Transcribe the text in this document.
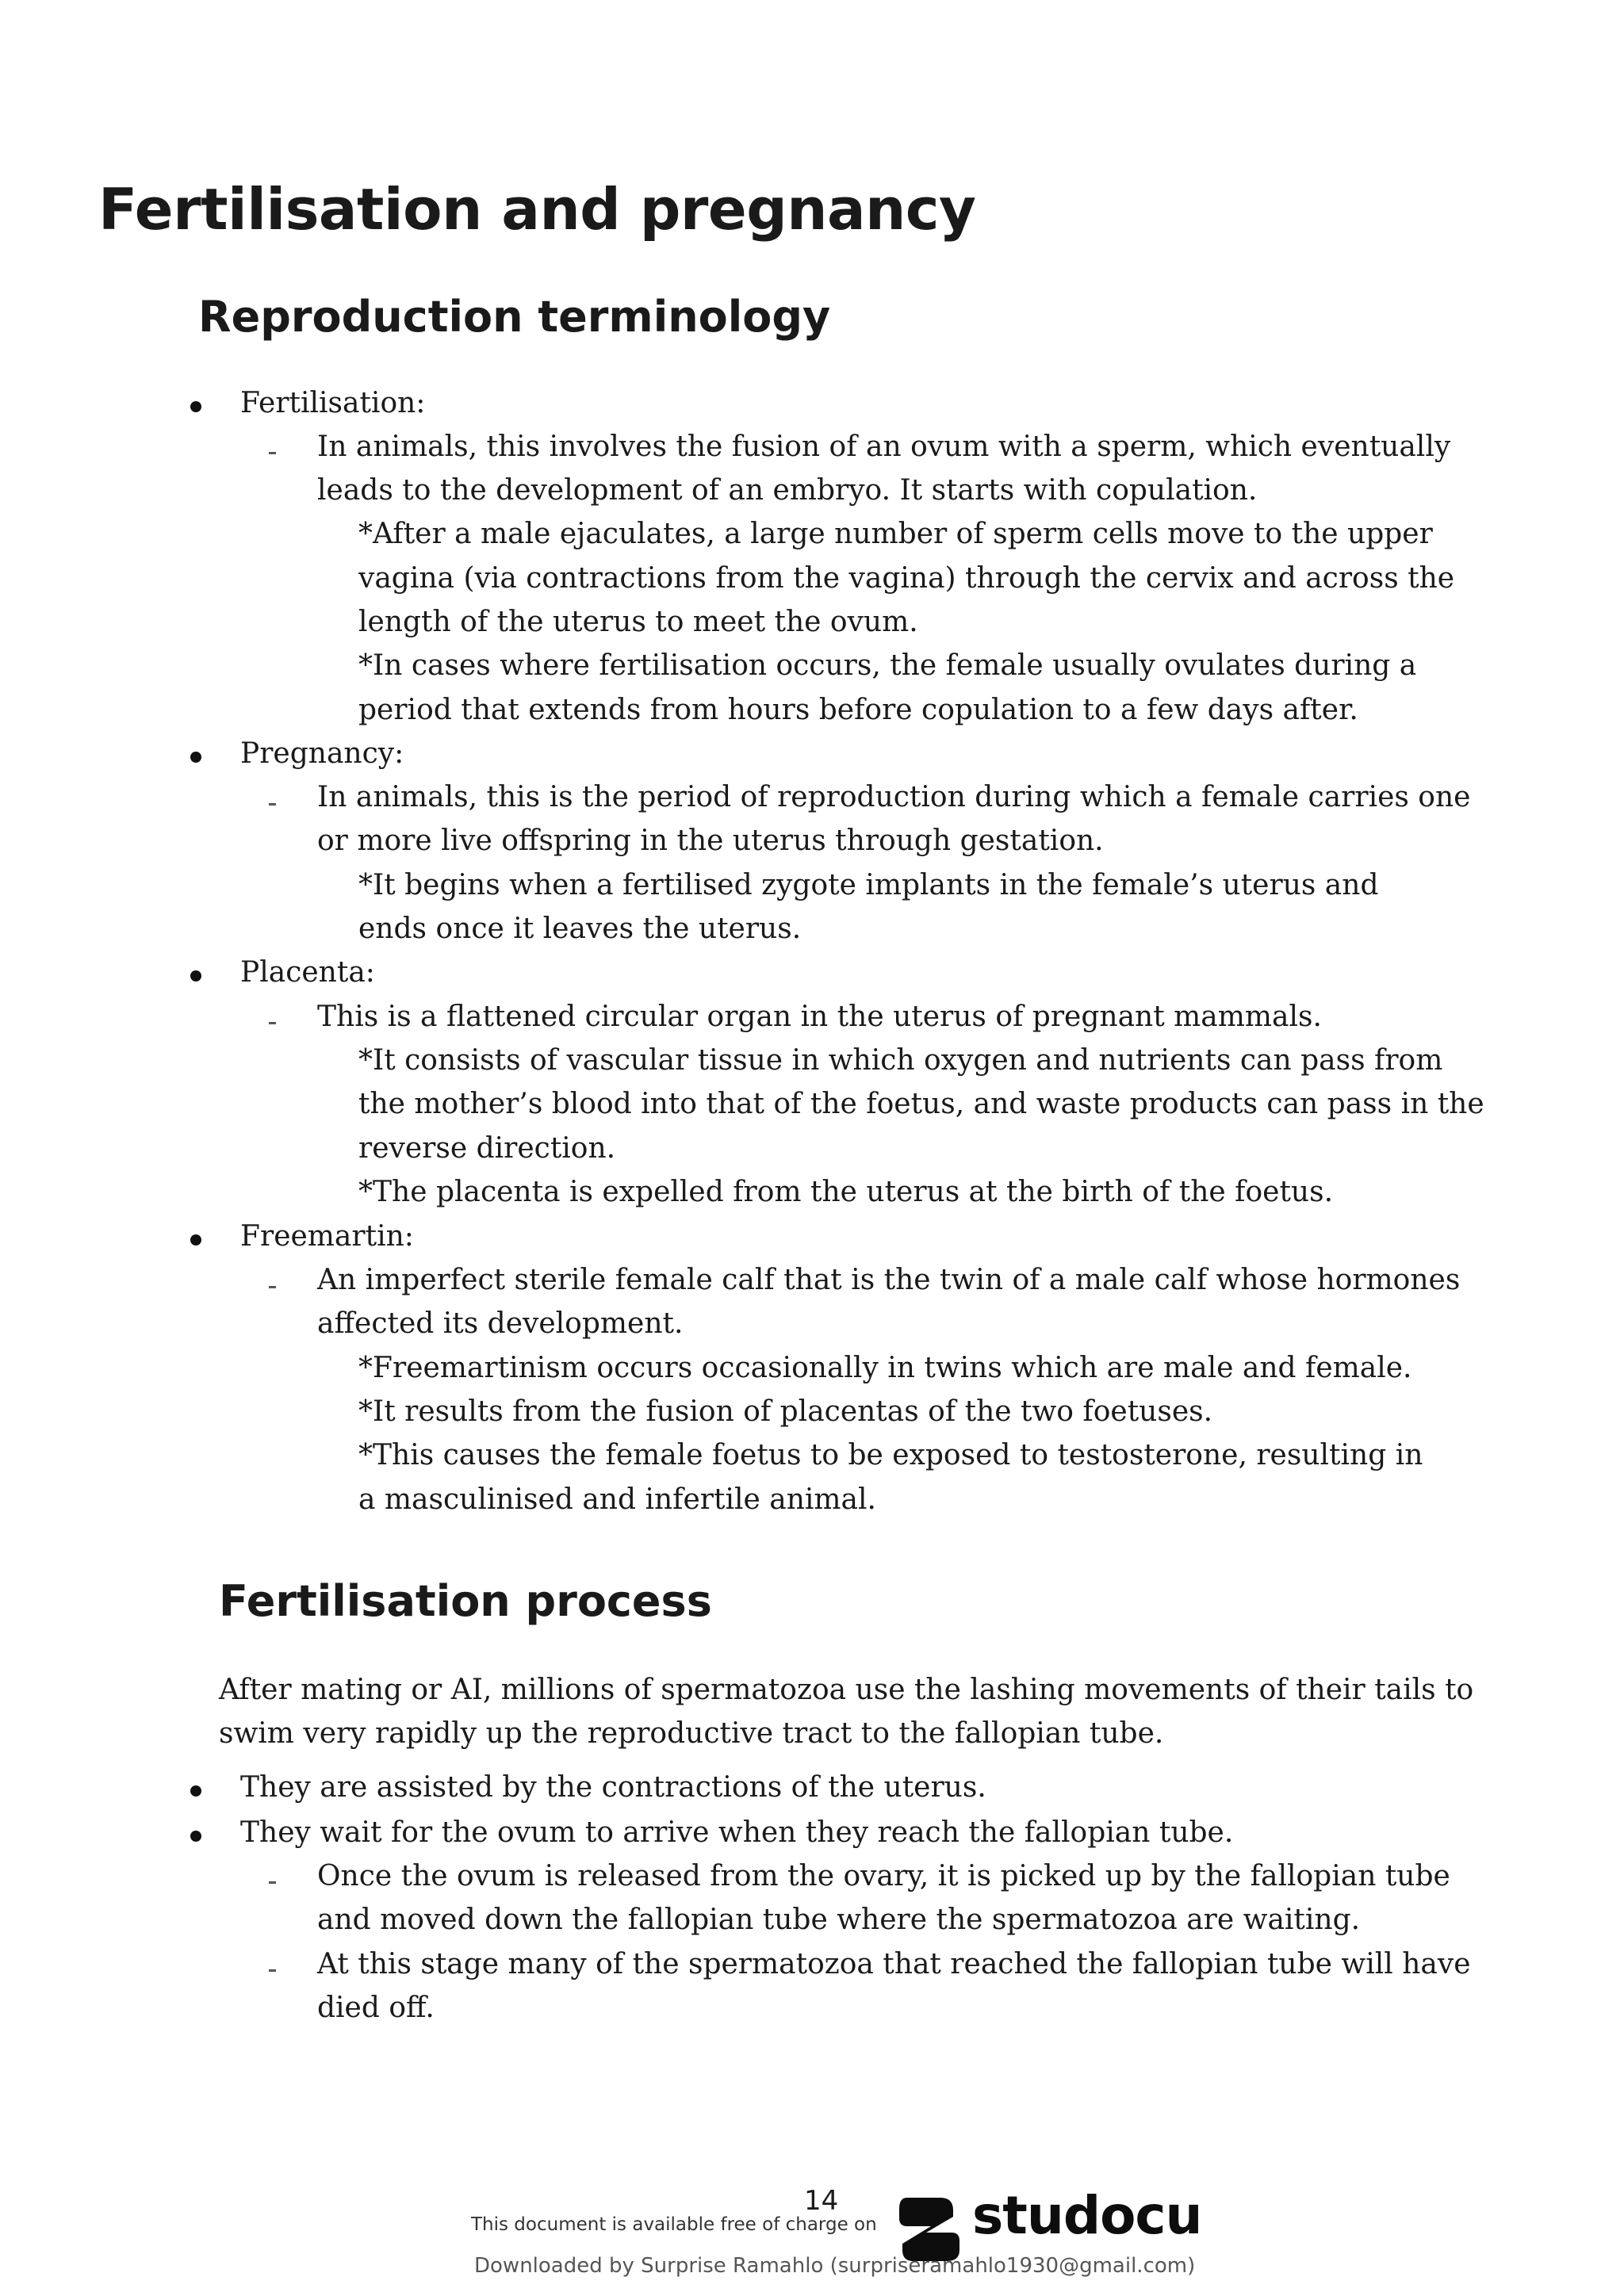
Fertilisation and pregnancy
Reproduction terminology

Fertilisation:

In animals, this involves the fusion of an ovum with a sperm, which eventually

leads to the development of an embryo. It starts with copulation.

*After a male ejaculates, a large number of sperm cells move to the upper

vagina (via contractions from the vagina) through the cervix and across the

length of the uterus to meet the ovum.

*In cases where fertilisation occurs, the female usually ovulates during a

period that extends from hours before copulation to a few days after.

Pregnancy:

In animals, this is the period of reproduction during which a female carries one

or more live offspring in the uterus through gestation.

*It begins when a fertilised zygote implants in the female’s uterus and

ends once it leaves the uterus.

Placenta:

This is a flattened circular organ in the uterus of pregnant mammals.

*It consists of vascular tissue in which oxygen and nutrients can pass from

the mother’s blood into that of the foetus, and waste products can pass in the

reverse direction.

*The placenta is expelled from the uterus at the birth of the foetus.

Freemartin:

An imperfect sterile female calf that is the twin of a male calf whose hormones

affected its development.

*Freemartinism occurs occasionally in twins which are male and female.

*It results from the fusion of placentas of the two foetuses.

*This causes the female foetus to be exposed to testosterone, resulting in

a masculinised and infertile animal.

Fertilisation process

After mating or AI, millions of spermatozoa use the lashing movements of their tails to

swim very rapidly up the reproductive tract to the fallopian tube.

They are assisted by the contractions of the uterus.

They wait for the ovum to arrive when they reach the fallopian tube.

Once the ovum is released from the ovary, it is picked up by the fallopian tube

and moved down the fallopian tube where the spermatozoa are waiting.

At this stage many of the spermatozoa that reached the fallopian tube will have

died off.

14

This document is available free of charge on studocu

Downloaded by Surprise Ramahlo (surpriseramahlo1930@gmail.com)
